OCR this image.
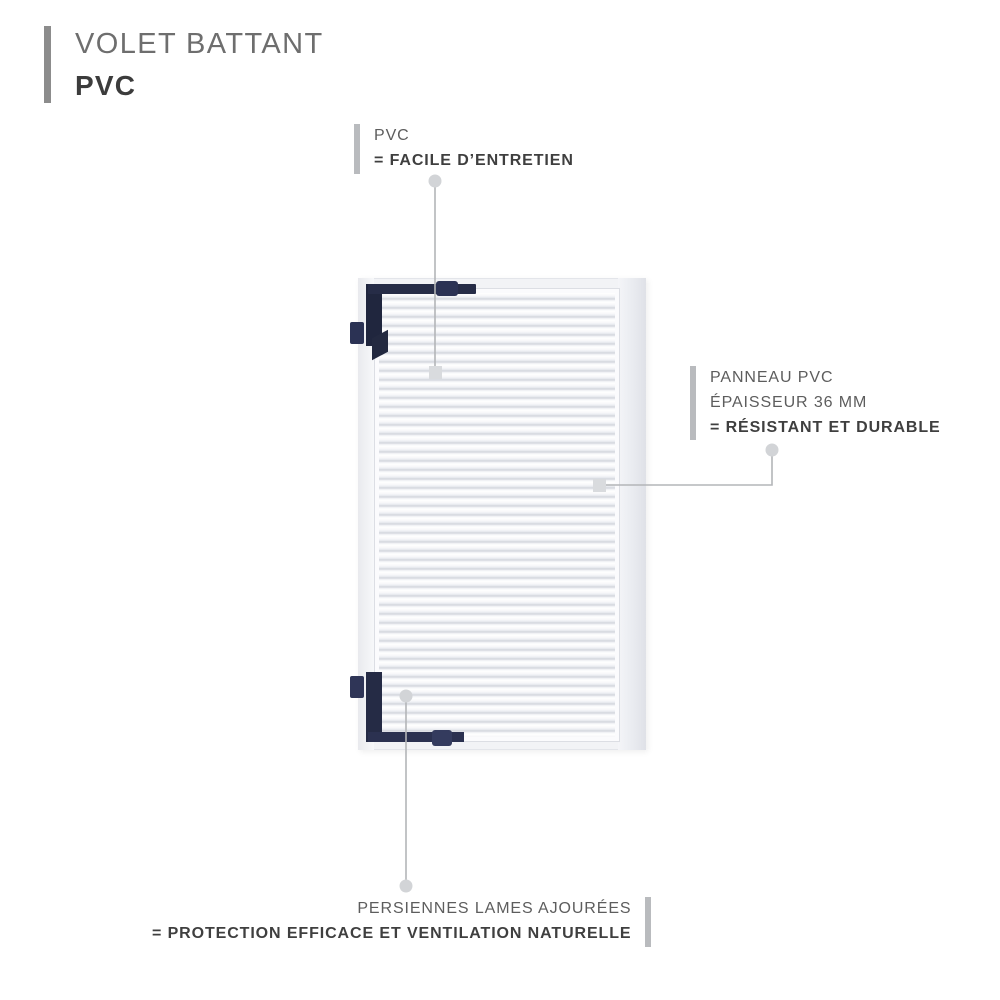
VOLET BATTANT
PVC
PVC
= FACILE D’ENTRETIEN
PANNEAU PVC
ÉPAISSEUR 36 MM
= RÉSISTANT ET DURABLE
PERSIENNES LAMES AJOURÉES
= PROTECTION EFFICACE ET VENTILATION NATURELLE
